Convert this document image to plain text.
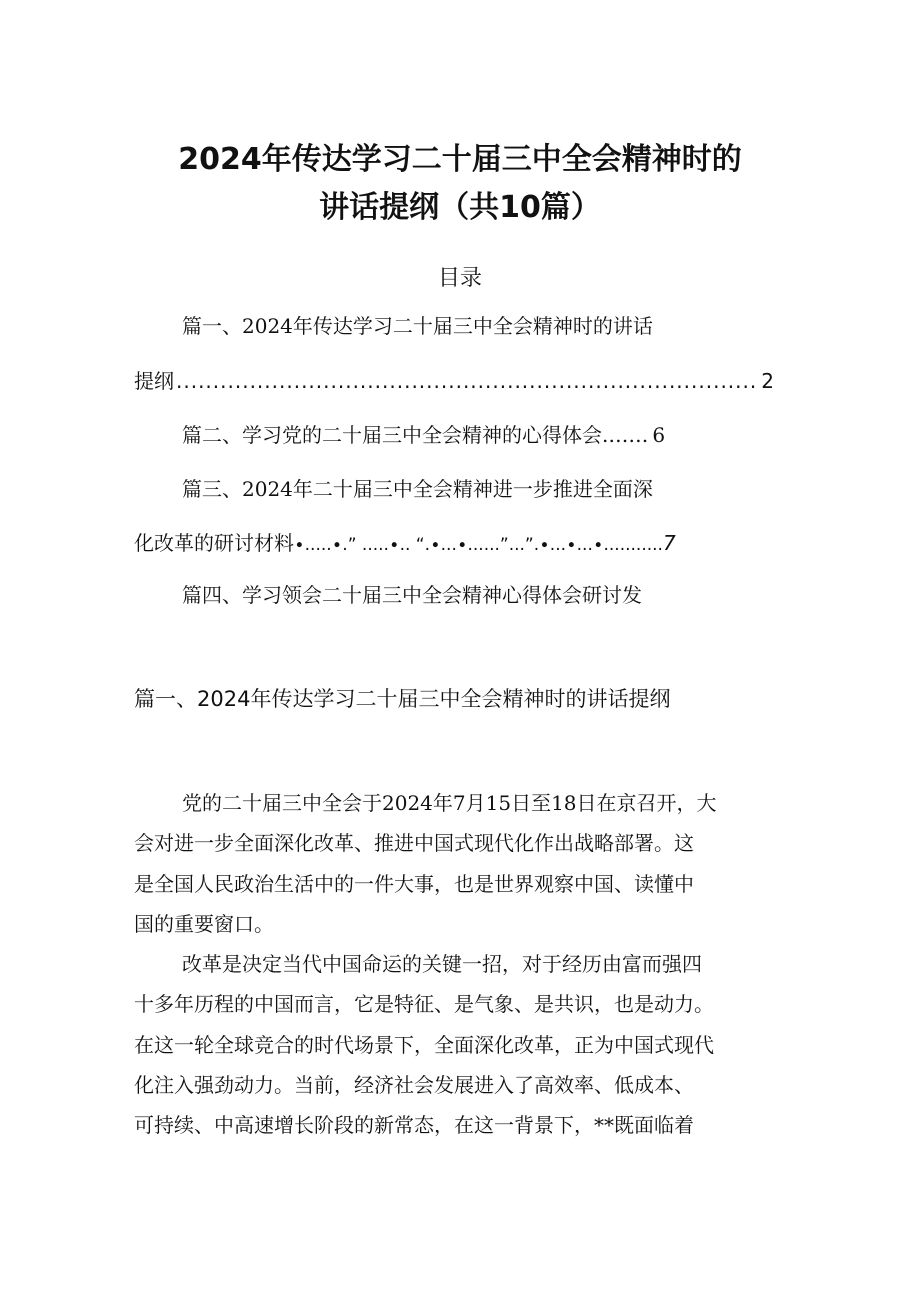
2024年传达学习二十届三中全会精神时的
讲话提纲（共10篇）
目录
篇一、2024年传达学习二十届三中全会精神时的讲话
提纲 .....	2
篇二、学习党的二十届三中全会精神的心得体会.…… 6
篇三、2024年二十届三中全会精神进一步推进全面深
化改革的研讨材料∙.....∙.” .....∙.. “.∙...∙......”...”.∙...∙...∙...........7
篇四、学习领会二十届三中全会精神心得体会研讨发
篇一、2024年传达学习二十届三中全会精神时的讲话提纲
党的二十届三中全会于2024年7月15日至18日在京召开，大
会对进一步全面深化改革、推进中国式现代化作出战略部署。这
是全国人民政治生活中的一件大事，也是世界观察中国、读懂中
国的重要窗口。
改革是决定当代中国命运的关键一招，对于经历由富而强四
十多年历程的中国而言，它是特征、是气象、是共识，也是动力。
在这一轮全球竞合的时代场景下，全面深化改革，正为中国式现代
化注入强劲动力。当前，经济社会发展进入了高效率、低成本、
可持续、中高速增长阶段的新常态，在这一背景下，**既面临着
